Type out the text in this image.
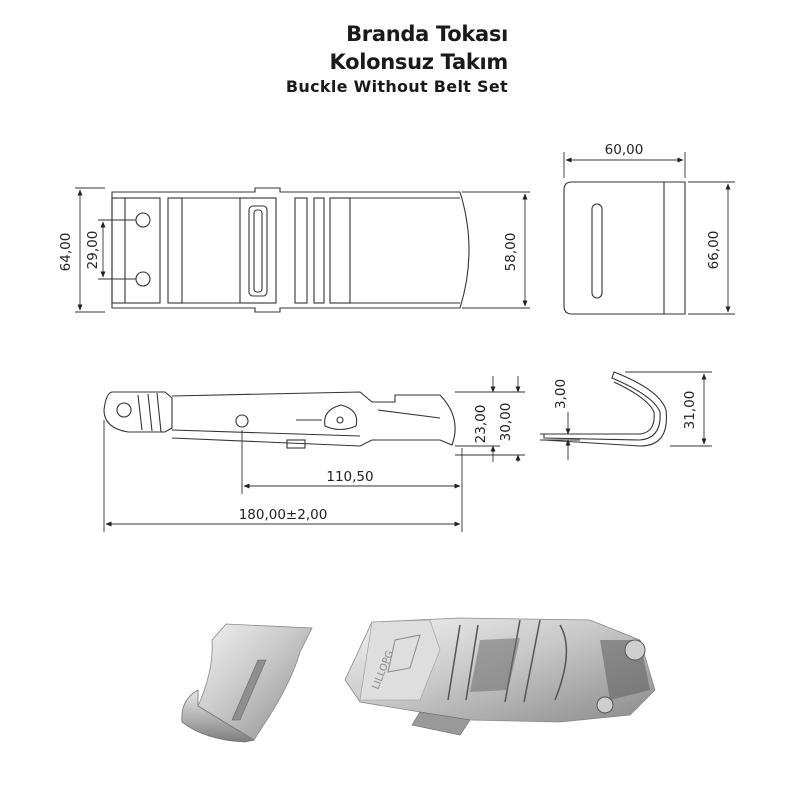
Branda Tokası
Kolonsuz Takım
Buckle Without Belt Set
64,00 29,00	58,00
60,00
66,00
23,00 30,00
110,50
180,00±2,00
3,00	31,00
LILLOPG
